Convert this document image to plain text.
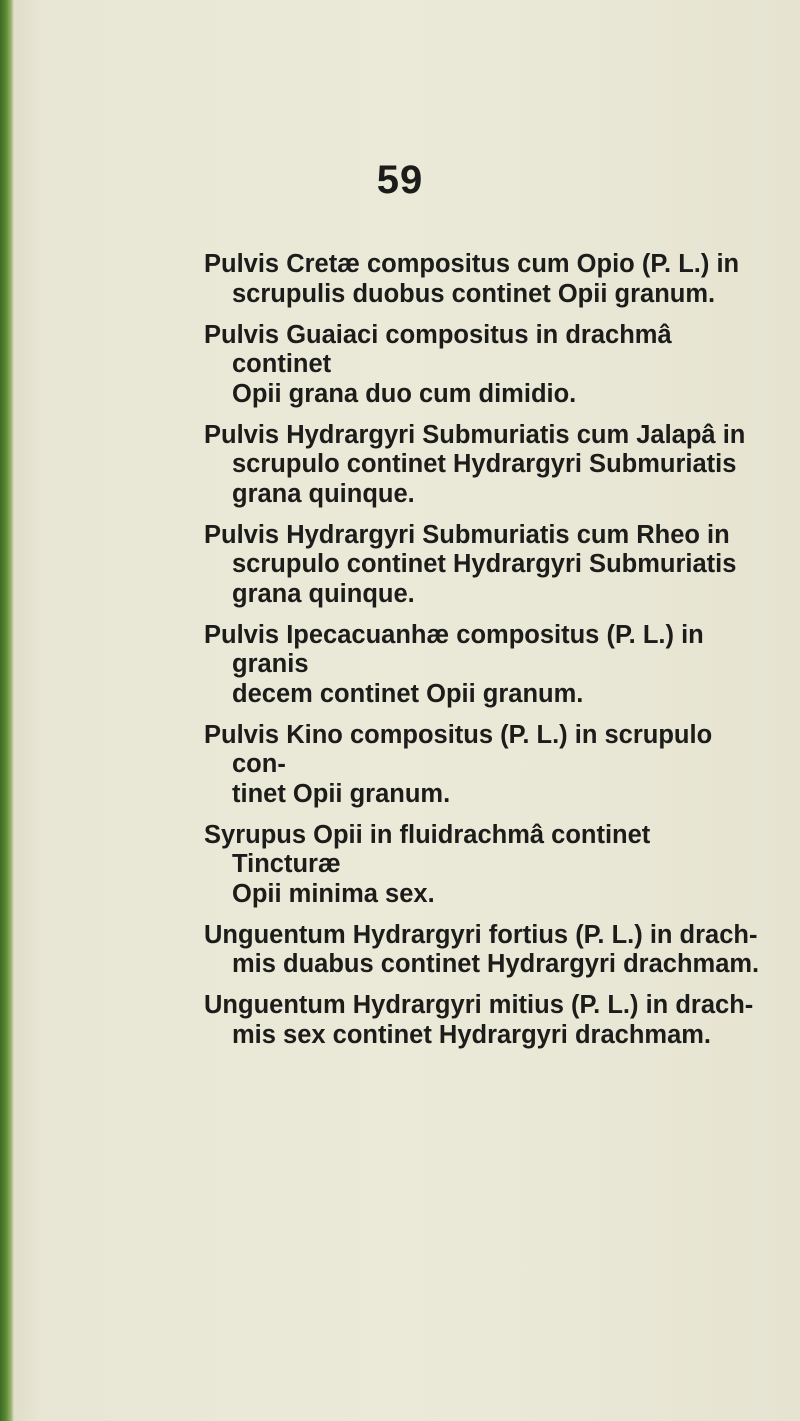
59

Pulvis Cretæ compositus cum Opio (P. L.) in
scrupulis duobus continet Opii granum.

Pulvis Guaiaci compositus in drachmâ continet
Opii grana duo cum dimidio.

Pulvis Hydrargyri Submuriatis cum Jalapâ in
scrupulo continet Hydrargyri Submuriatis
grana quinque.

Pulvis Hydrargyri Submuriatis cum Rheo in
scrupulo continet Hydrargyri Submuriatis
grana quinque.

Pulvis Ipecacuanhæ compositus (P. L.) in granis
decem continet Opii granum.

Pulvis Kino compositus (P. L.) in scrupulo con-
tinet Opii granum.

Syrupus Opii in fluidrachmâ continet Tincturæ
Opii minima sex.

Unguentum Hydrargyri fortius (P. L.) in drach-
mis duabus continet Hydrargyri drachmam.

Unguentum Hydrargyri mitius (P. L.) in drach-
mis sex continet Hydrargyri drachmam.
